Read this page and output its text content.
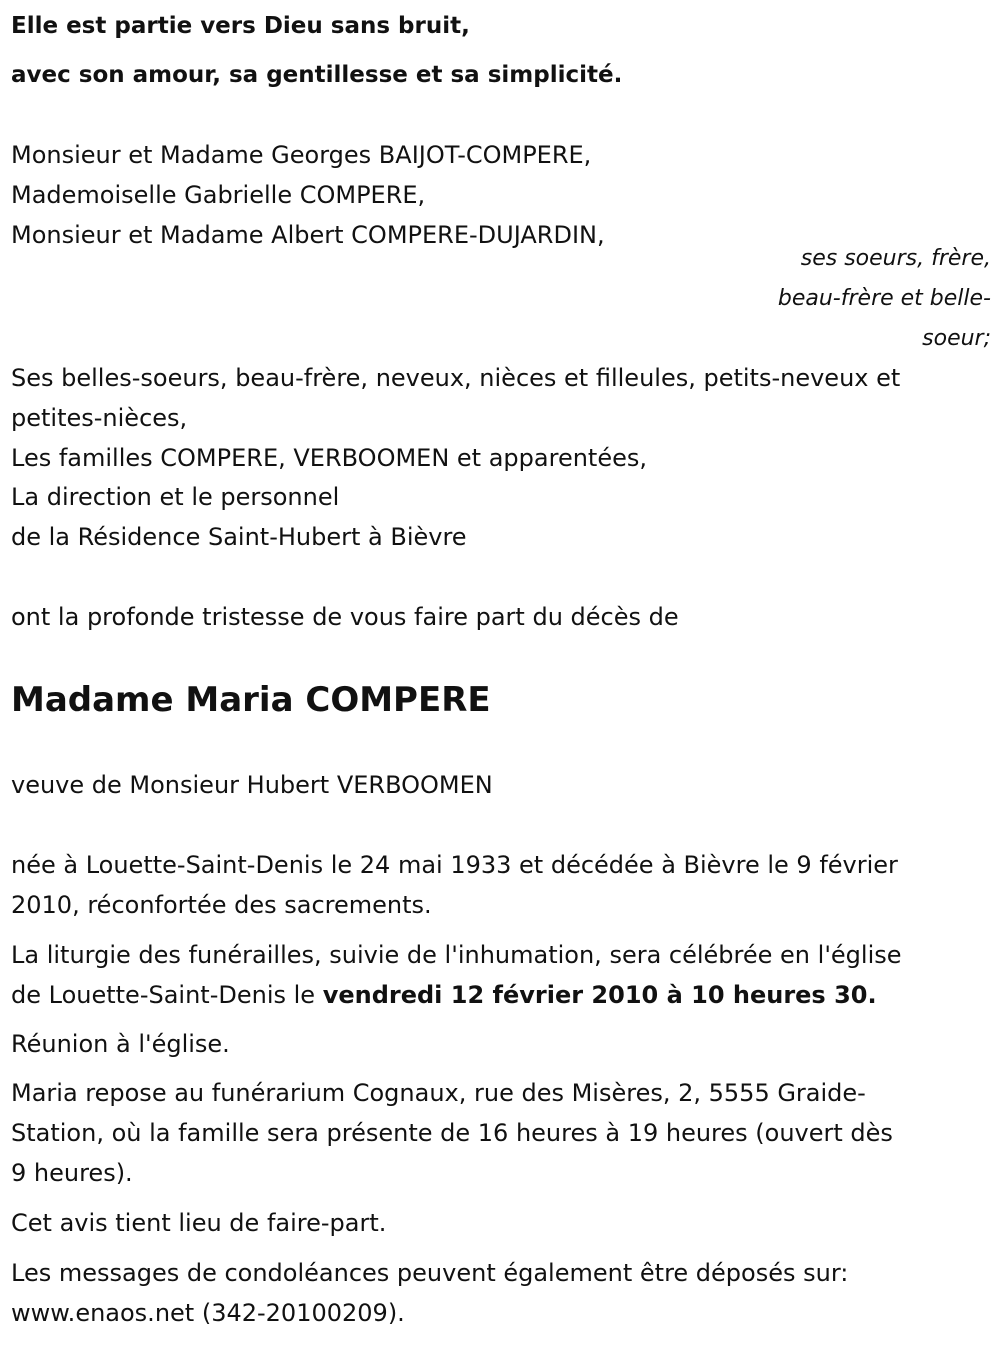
Elle est partie vers Dieu sans bruit,
avec son amour, sa gentillesse et sa simplicité.
Monsieur et Madame Georges BAIJOT-COMPERE,
Mademoiselle Gabrielle COMPERE,
Monsieur et Madame Albert COMPERE-DUJARDIN,
ses soeurs, frère,
beau-frère et belle-
soeur;
Ses belles-soeurs, beau-frère, neveux, nièces et filleules, petits-neveux et
petites-nièces,
Les familles COMPERE, VERBOOMEN et apparentées,
La direction et le personnel
de la Résidence Saint-Hubert à Bièvre
ont la profonde tristesse de vous faire part du décès de
Madame Maria COMPERE
veuve de Monsieur Hubert VERBOOMEN
née à Louette-Saint-Denis le 24 mai 1933 et décédée à Bièvre le 9 février
2010, réconfortée des sacrements.
La liturgie des funérailles, suivie de l'inhumation, sera célébrée en l'église
de Louette-Saint-Denis le vendredi 12 février 2010 à 10 heures 30.
Réunion à l'église.
Maria repose au funérarium Cognaux, rue des Misères, 2, 5555 Graide-
Station, où la famille sera présente de 16 heures à 19 heures (ouvert dès
9 heures).
Cet avis tient lieu de faire-part.
Les messages de condoléances peuvent également être déposés sur:
www.enaos.net (342-20100209).
